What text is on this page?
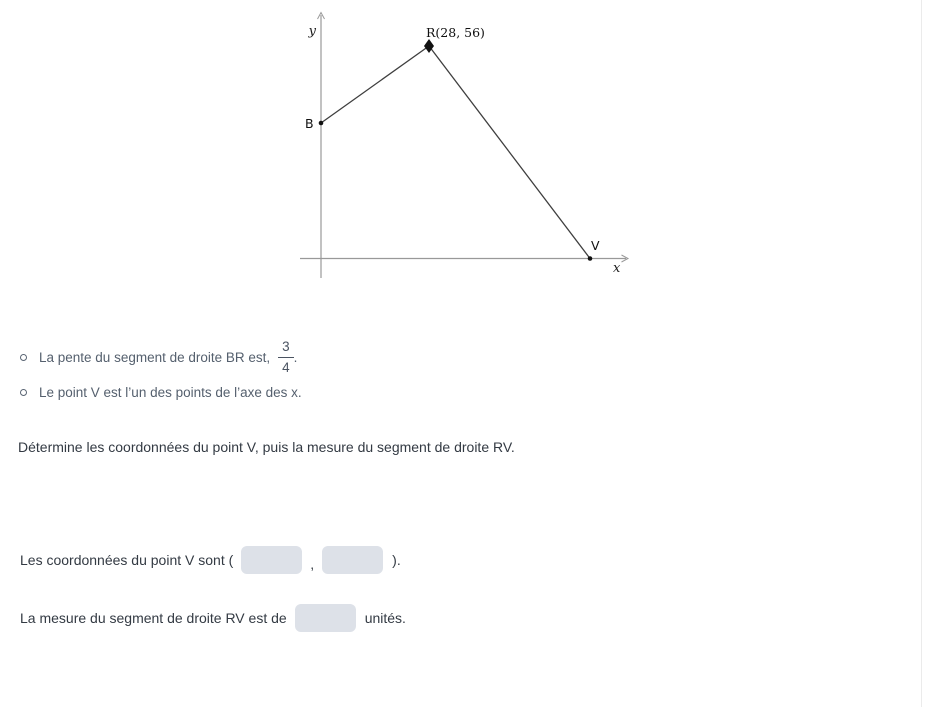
y
x
B
R(28, 56)
V
La pente du segment de droite BR est, $\frac{3}{4}$ .
Le point V est l’un des points de l’axe des x.
Détermine les coordonnées du point V, puis la mesure du segment de droite RV.
Les coordonnées du point V sont (	,	).
La mesure du segment de droite RV est de	unités.
